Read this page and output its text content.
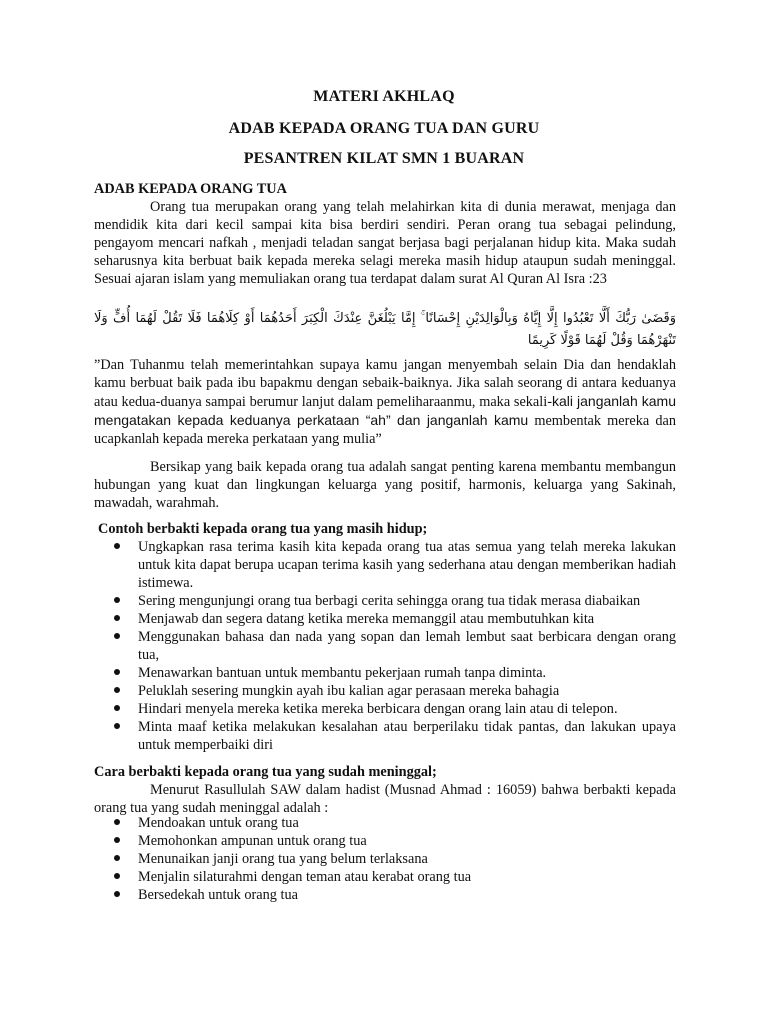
MATERI AKHLAQ
ADAB KEPADA ORANG TUA DAN GURU
PESANTREN KILAT SMN 1 BUARAN
ADAB KEPADA ORANG TUA
Orang tua merupakan orang yang telah melahirkan kita di dunia merawat, menjaga dan mendidik kita dari kecil sampai kita bisa berdiri sendiri. Peran orang tua sebagai pelindung, pengayom mencari nafkah , menjadi teladan sangat berjasa bagi perjalanan hidup kita. Maka sudah seharusnya kita berbuat baik kepada mereka selagi mereka masih hidup ataupun sudah meninggal. Sesuai ajaran islam yang memuliakan orang tua terdapat dalam surat Al Quran Al Isra :23
وَقَضَىٰ رَبُّكَ أَلَّا تَعْبُدُوا إِلَّا إِيَّاهُ وَبِالْوَالِدَيْنِ إِحْسَانًا ۚ إِمَّا يَبْلُغَنَّ عِنْدَكَ الْكِبَرَ أَحَدُهُمَا أَوْ كِلَاهُمَا فَلَا تَقُلْ لَهُمَا أُفٍّ وَلَا تَنْهَرْهُمَا وَقُلْ لَهُمَا قَوْلًا كَرِيمًا
”Dan Tuhanmu telah memerintahkan supaya kamu jangan menyembah selain Dia dan hendaklah kamu berbuat baik pada ibu bapakmu dengan sebaik-baiknya. Jika salah seorang di antara keduanya atau kedua-duanya sampai berumur lanjut dalam pemeliharaanmu, maka sekali-kali janganlah kamu mengatakan kepada keduanya perkataan “ah” dan janganlah kamu membentak mereka dan ucapkanlah kepada mereka perkataan yang mulia”
Bersikap yang baik kepada orang tua adalah sangat penting karena membantu membangun hubungan yang kuat dan lingkungan keluarga yang positif, harmonis, keluarga yang Sakinah, mawadah, warahmah.
Contoh berbakti kepada orang tua yang masih hidup;
Ungkapkan rasa terima kasih kita kepada orang tua atas semua yang telah mereka lakukan untuk kita dapat berupa ucapan terima kasih yang sederhana atau dengan memberikan hadiah istimewa.
Sering mengunjungi orang tua berbagi cerita sehingga orang tua tidak merasa diabaikan
Menjawab dan segera datang ketika mereka memanggil atau membutuhkan kita
Menggunakan bahasa dan nada yang sopan dan lemah lembut saat berbicara dengan orang tua,
Menawarkan bantuan untuk membantu pekerjaan rumah tanpa diminta.
Peluklah sesering mungkin ayah ibu kalian agar perasaan mereka bahagia
Hindari menyela mereka ketika mereka berbicara dengan orang lain atau di telepon.
Minta maaf ketika melakukan kesalahan atau berperilaku tidak pantas, dan lakukan upaya untuk memperbaiki diri
Cara berbakti kepada orang tua yang sudah meninggal;
Menurut Rasullulah SAW dalam hadist (Musnad Ahmad : 16059) bahwa berbakti kepada orang tua yang sudah meninggal adalah :
Mendoakan untuk orang tua
Memohonkan ampunan untuk orang tua
Menunaikan janji orang tua yang belum terlaksana
Menjalin silaturahmi dengan teman atau kerabat orang tua
Bersedekah untuk orang tua
